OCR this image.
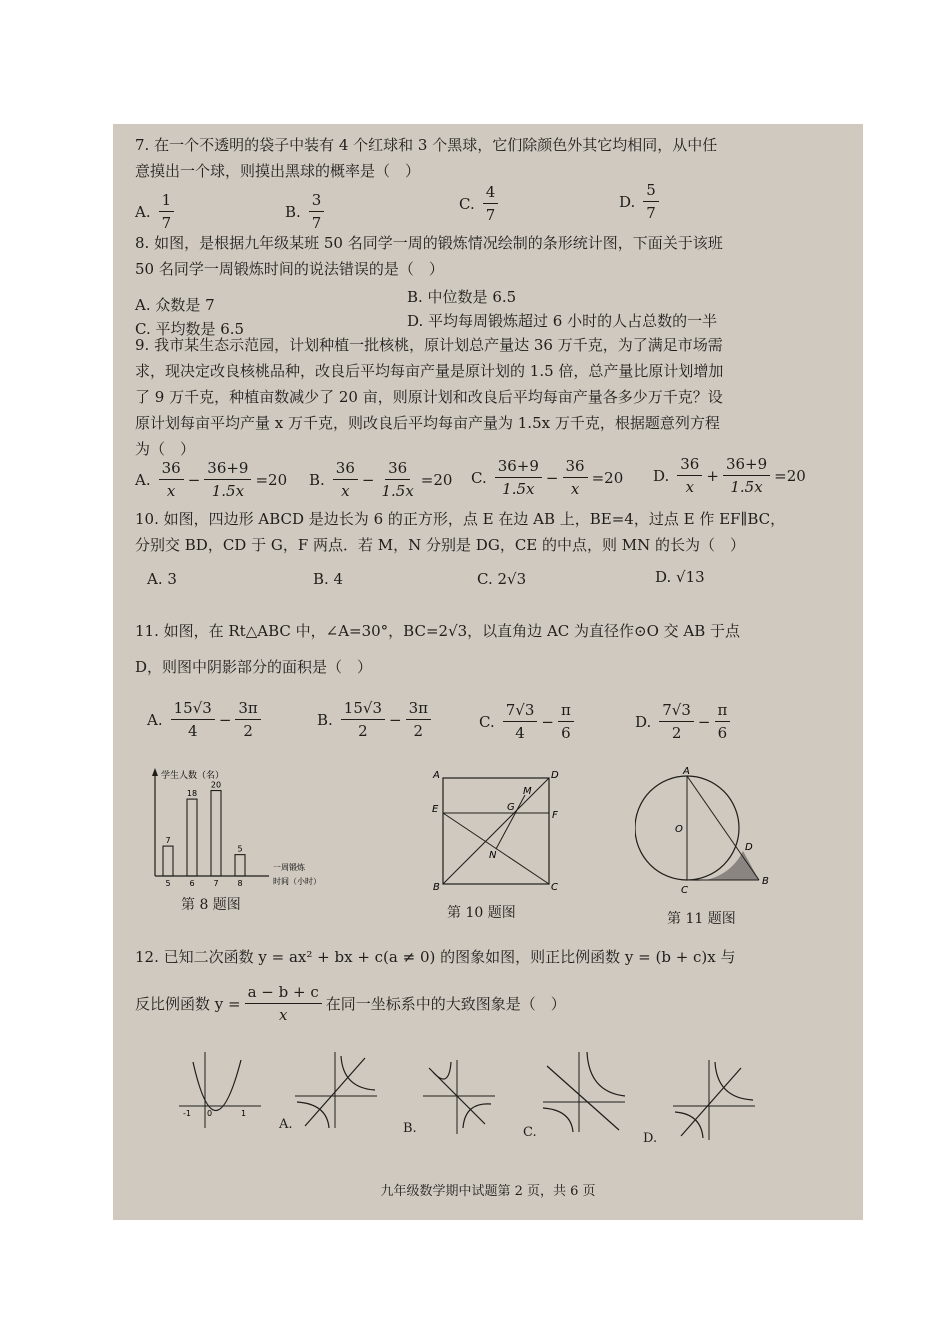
7. 在一个不透明的袋子中装有 4 个红球和 3 个黑球，它们除颜色外其它均相同，从中任
意摸出一个球，则摸出黑球的概率是（　）
A. $\frac{1}{7}$	B. $\frac{3}{7}$	C. $\frac{4}{7}$	D. $\frac{5}{7}$
8. 如图，是根据九年级某班 50 名同学一周的锻炼情况绘制的条形统计图，下面关于该班
50 名同学一周锻炼时间的说法错误的是（　）
A. 众数是 7	B. 中位数是 6.5
C. 平均数是 6.5	D. 平均每周锻炼超过 6 小时的人占总数的一半
9. 我市某生态示范园，计划种植一批核桃，原计划总产量达 36 万千克，为了满足市场需
求，现决定改良核桃品种，改良后平均每亩产量是原计划的 1.5 倍，总产量比原计划增加
了 9 万千克，种植亩数减少了 20 亩，则原计划和改良后平均每亩产量各多少万千克？设
原计划每亩平均产量 x 万千克，则改良后平均每亩产量为 1.5x 万千克，根据题意列方程
为（　）
A. $\frac{36}{x} - \frac{36+9}{1.5x} =20$ B. $\frac{36}{x} - \frac{36}{1.5x} =20$ C. $\frac{36+9}{1.5x} - \frac{36}{x} =20$ D. $\frac{36}{x} + \frac{36+9}{1.5x} =20$
10. 如图，四边形 ABCD 是边长为 6 的正方形，点 E 在边 AB 上，BE=4，过点 E 作 EF∥BC，
分别交 BD，CD 于 G，F 两点．若 M，N 分别是 DG，CE 的中点，则 MN 的长为（　）
A. 3	B. 4	C. 2√3	D. √13
11. 如图，在 Rt△ABC 中，∠A=30°，BC=2√3，以直角边 AC 为直径作⊙O 交 AB 于点
D，则图中阴影部分的面积是（　）
A. $\frac{15√3}{4} - \frac{3\pi}{2}$	B. $\frac{15√3}{2} - \frac{3\pi}{2}$	C. $\frac{7√3}{4} - \frac{\pi}{6}$	D. $\frac{7√3}{2} - \frac{\pi}{6}$
学生人数（名）
一周锻炼
时间（小时）
7
5
18
6
20
7
5
8
第 8 题图
A	D
E
F
G
M
N
B	C
第 10 题图
A
O
D
C
B
第 11 题图
12. 已知二次函数 y = ax² + bx + c(a ≠ 0) 的图象如图，则正比例函数 y = (b + c)x 与
反比例函数 $y = \frac{a - b + c}{x}$ 在同一坐标系中的大致图象是（　）
-1 0	1
A.	B.	C.	D.
九年级数学期中试题第 2 页，共 6 页
